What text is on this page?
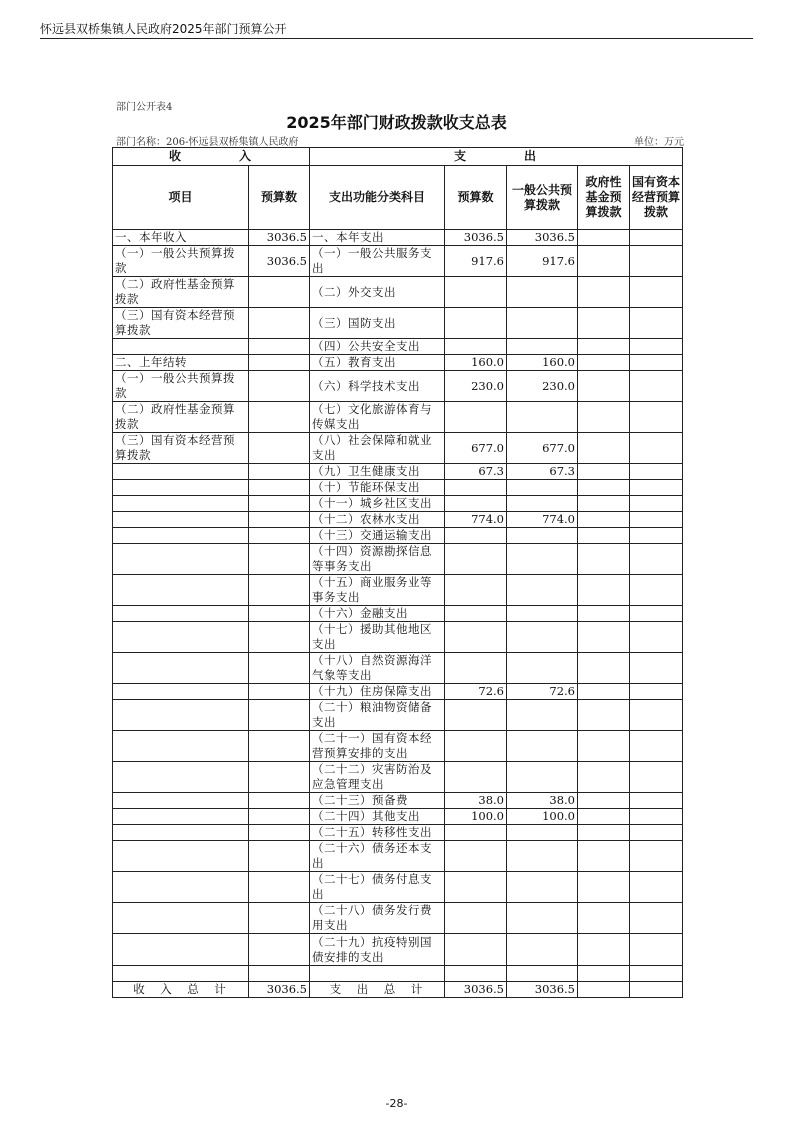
怀远县双桥集镇人民政府2025年部门预算公开
部门公开表4
2025年部门财政拨款收支总表
部门名称：206-怀远县双桥集镇人民政府	单位：万元
收　　　　入		支　　　　出				
项目	预算数	支出功能分类科目	预算数	一般公共预算拨款	政府性基金预算拨款	国有资本经营预算拨款
一、本年收入	3036.5	一、本年支出	3036.5	3036.5		
（一）一般公共预算拨款	3036.5	（一）一般公共服务支出	917.6	917.6		
（二）政府性基金预算拨款		（二）外交支出				
（三）国有资本经营预算拨款		（三）国防支出				
		（四）公共安全支出				
二、上年结转		（五）教育支出	160.0	160.0		
（一）一般公共预算拨款		（六）科学技术支出	230.0	230.0		
（二）政府性基金预算拨款		（七）文化旅游体育与传媒支出				
（三）国有资本经营预算拨款		（八）社会保障和就业支出	677.0	677.0		
		（九）卫生健康支出	67.3	67.3		
		（十）节能环保支出				
		（十一）城乡社区支出				
		（十二）农林水支出	774.0	774.0		
		（十三）交通运输支出				
		（十四）资源勘探信息等事务支出				
		（十五）商业服务业等事务支出				
		（十六）金融支出				
		（十七）援助其他地区支出				
		（十八）自然资源海洋气象等支出				
		（十九）住房保障支出	72.6	72.6		
		（二十）粮油物资储备支出				
		（二十一）国有资本经营预算安排的支出				
		（二十二）灾害防治及应急管理支出				
		（二十三）预备费	38.0	38.0		
		（二十四）其他支出	100.0	100.0		
		（二十五）转移性支出				
		（二十六）债务还本支出				
		（二十七）债务付息支出				
		（二十八）债务发行费用支出				
		（二十九）抗疫特别国债安排的支出				

收　入　总　计	3036.5	支　出　总　计	3036.5	3036.5		
-28-
